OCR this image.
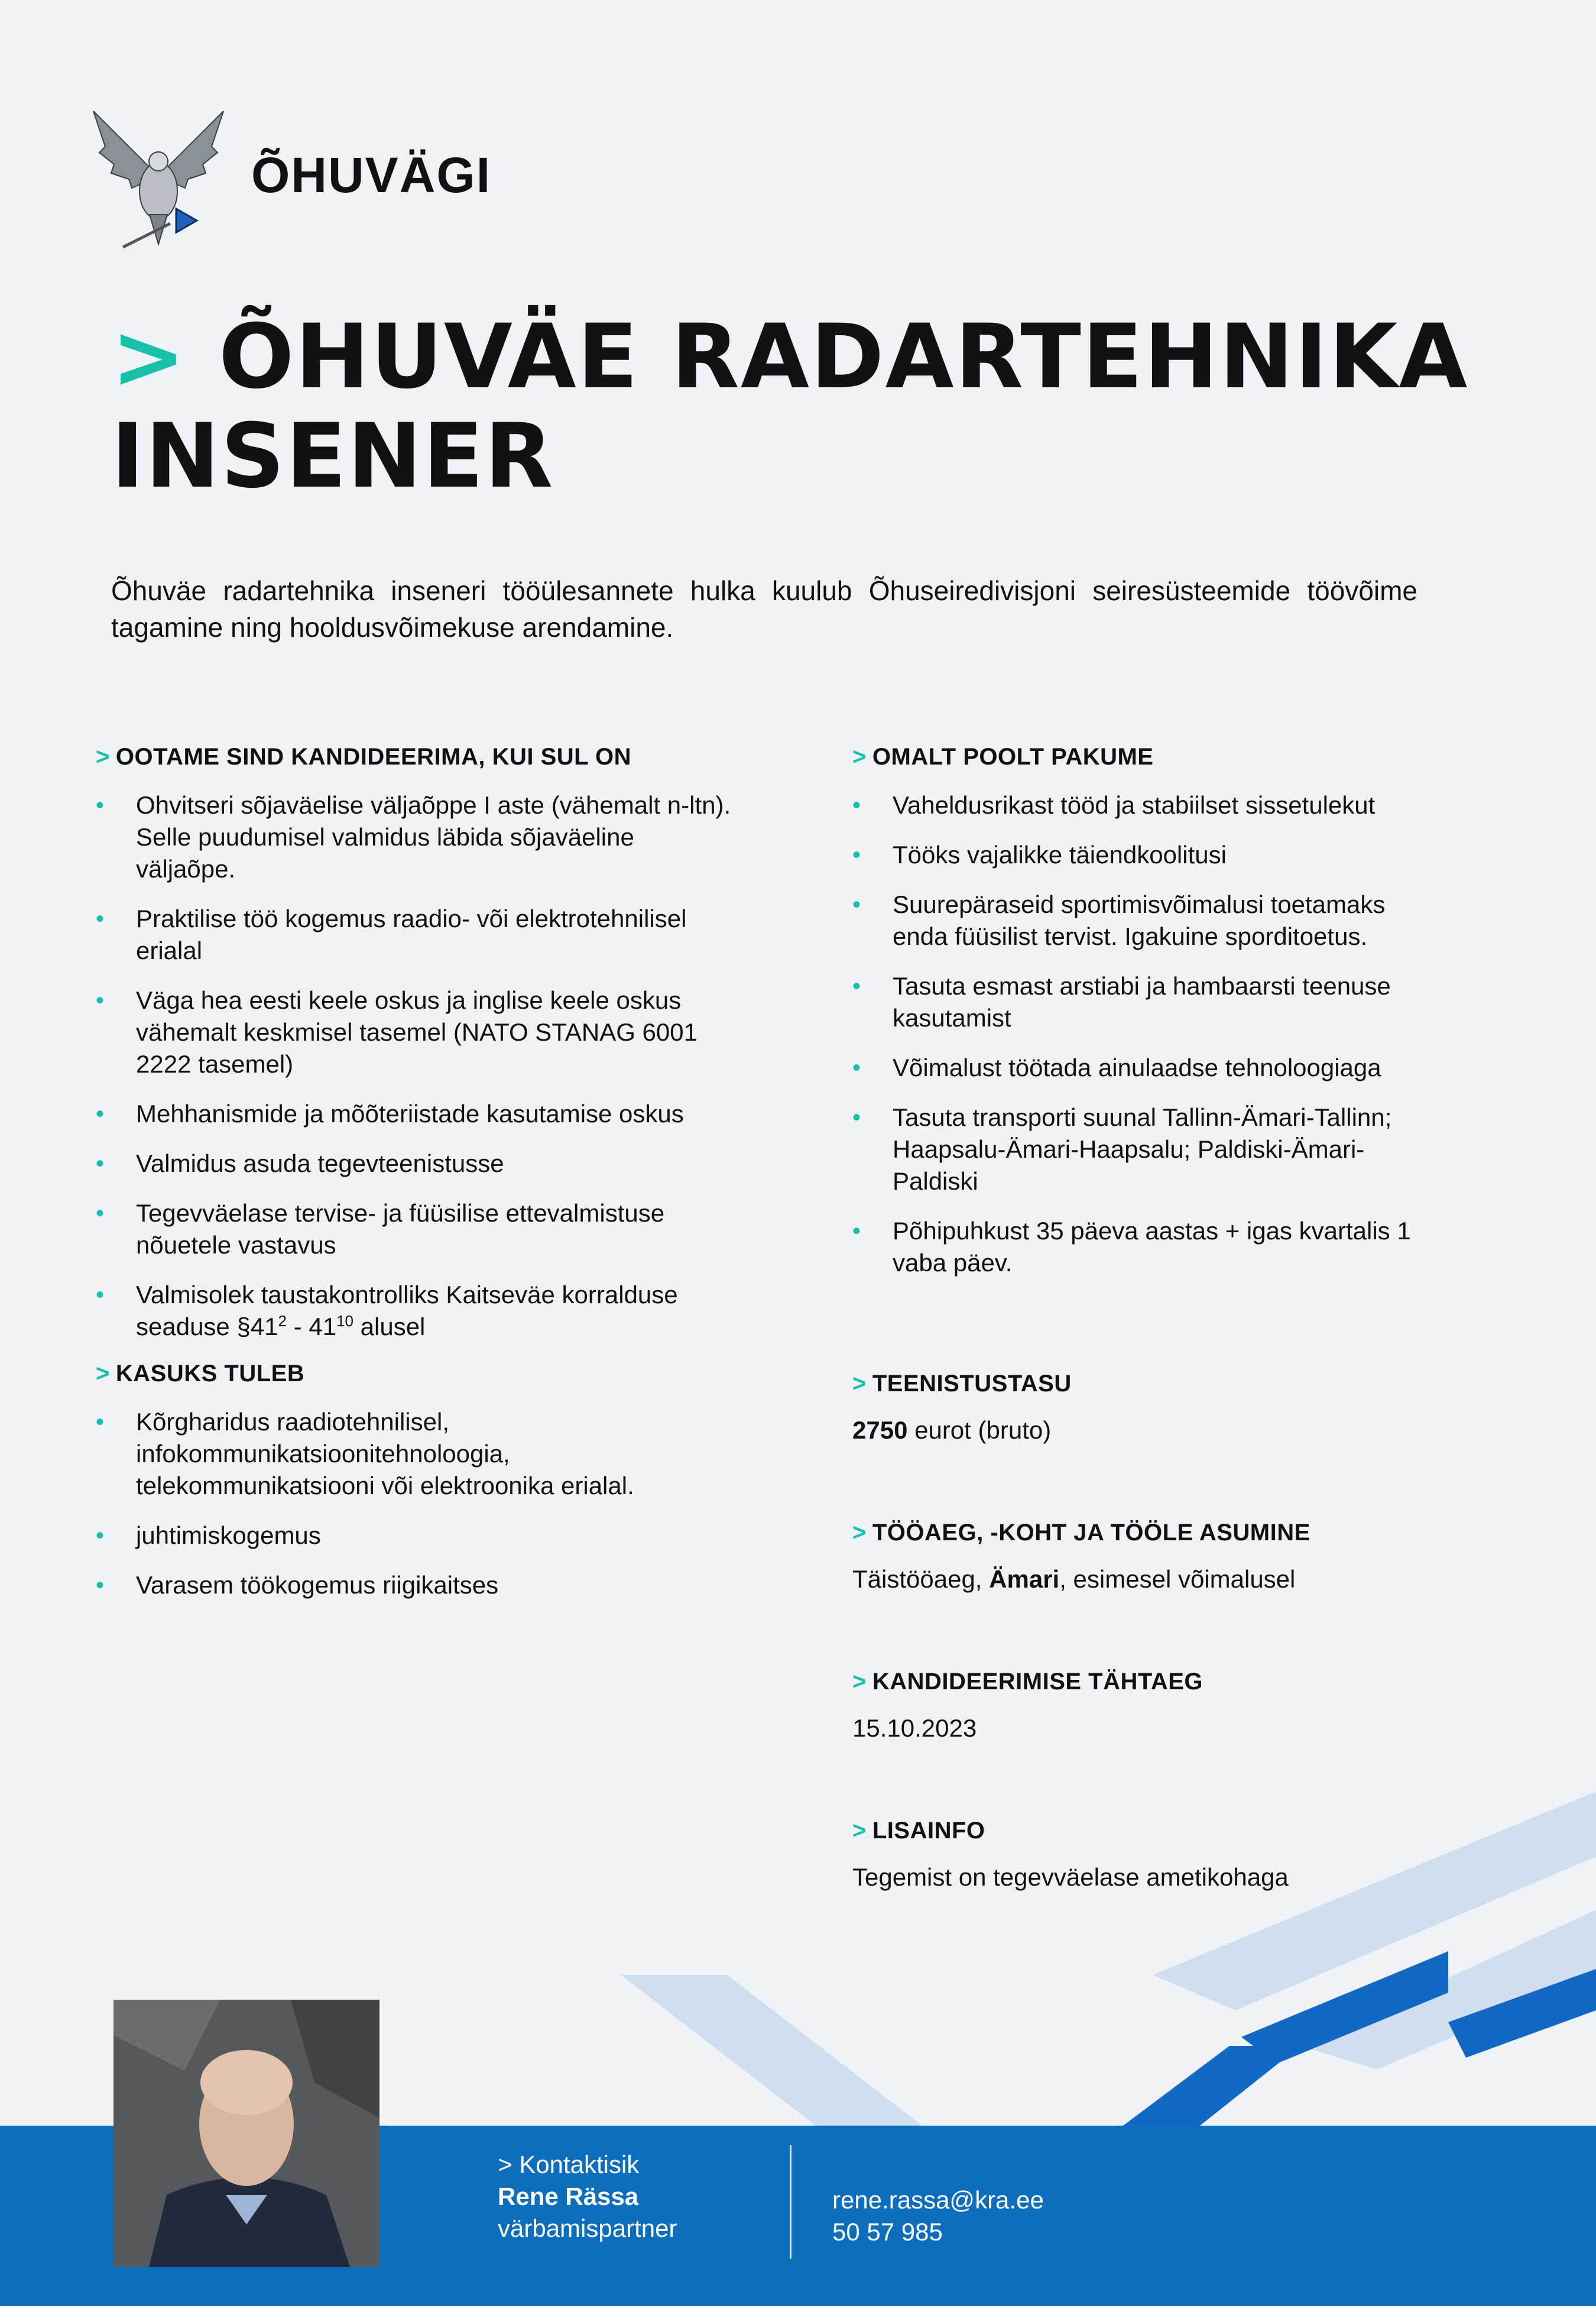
ÕHUVÄGI
> ÕHUVÄE RADARTEHNIKA
INSENER
Õhuväe radartehnika inseneri tööülesannete hulka kuulub Õhuseiredivisjoni seiresüsteemide töövõime tagamine ning hooldusvõimekuse arendamine.
> OOTAME SIND KANDIDEERIMA, KUI SUL ON
• Ohvitseri sõjaväelise väljaõppe I aste (vähemalt n-ltn). Selle puudumisel valmidus läbida sõjaväeline väljaõpe.
• Praktilise töö kogemus raadio- või elektrotehnilisel erialal
• Väga hea eesti keele oskus ja inglise keele oskus vähemalt keskmisel tasemel (NATO STANAG 6001 2222 tasemel)
• Mehhanismide ja mõõteriistade kasutamise oskus
• Valmidus asuda tegevteenistusse
• Tegevväelase tervise- ja füüsilise ettevalmistuse nõuetele vastavus
• Valmisolek taustakontrolliks Kaitseväe korralduse seaduse $\S 41^2 - 41^{10}$ alusel
> KASUKS TULEB
• Kõrgharidus raadiotehnilisel, infokommunikatsioonitehnoloogia, telekommunikatsiooni või elektroonika erialal.
• juhtimiskogemus
• Varasem töökogemus riigikaitses
> OMALT POOLT PAKUME
• Vaheldusrikast tööd ja stabiilset sissetulekut
• Tööks vajalikke täiendkoolitusi
• Suurepäraseid sportimisvõimalusi toetamaks enda füüsilist tervist. Igakuine sporditoetus.
• Tasuta esmast arstiabi ja hambaarsti teenuse kasutamist
• Võimalust töötada ainulaadse tehnoloogiaga
• Tasuta transporti suunal Tallinn-Ämari-Tallinn; Haapsalu-Ämari-Haapsalu; Paldiski-Ämari-Paldiski
• Põhipuhkust 35 päeva aastas + igas kvartalis 1 vaba päev.
> TEENISTUSTASU
2750 eurot (bruto)
> TÖÖAEG, -KOHT JA TÖÖLE ASUMINE
Täistööaeg, Ämari, esimesel võimalusel
> KANDIDEERIMISE TÄHTAEG
15.10.2023
> LISAINFO
Tegemist on tegevväelase ametikohaga
> Kontaktisik
Rene Rässa
värbamispartner
rene.rassa@kra.ee
50 57 985
